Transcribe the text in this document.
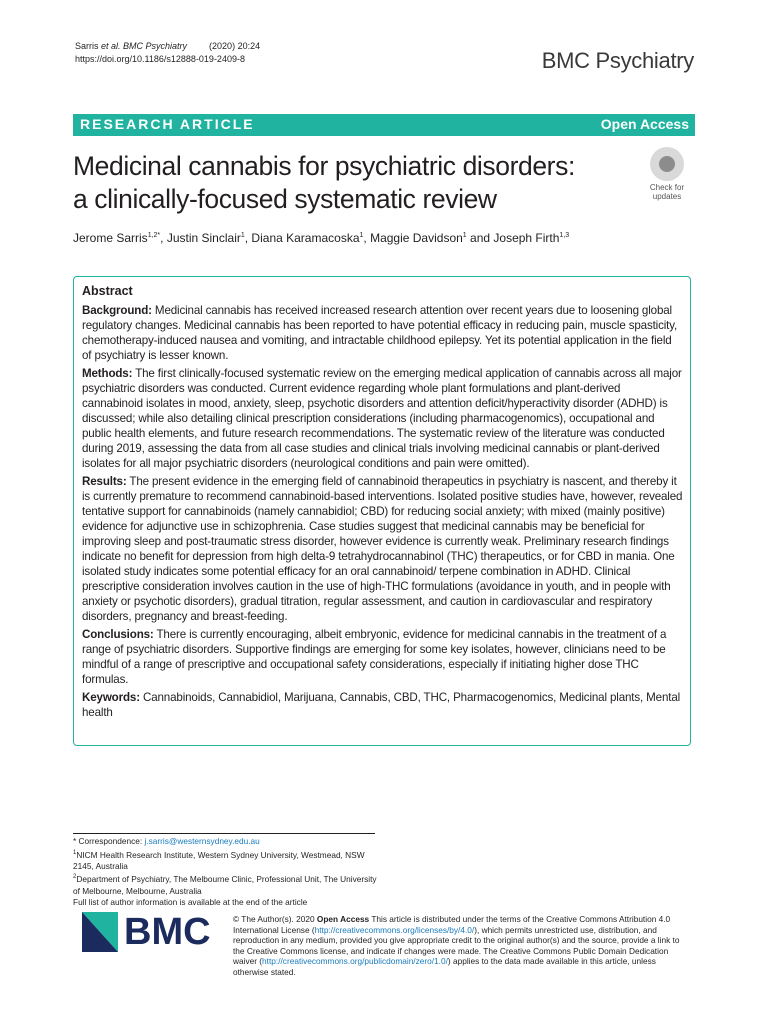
Sarris et al. BMC Psychiatry (2020) 20:24
https://doi.org/10.1186/s12888-019-2409-8	BMC Psychiatry
RESEARCH ARTICLE	Open Access
Medicinal cannabis for psychiatric disorders:
a clinically-focused systematic review	Check for
updates
Jerome Sarris$^{1,2*}$, Justin Sinclair$^1$, Diana Karamacoska$^1$, Maggie Davidson$^1$ and Joseph Firth$^{1,3}$
Abstract

Background: Medicinal cannabis has received increased research attention over recent years due to loosening global regulatory changes. Medicinal cannabis has been reported to have potential efficacy in reducing pain, muscle spasticity, chemotherapy-induced nausea and vomiting, and intractable childhood epilepsy. Yet its potential application in the field of psychiatry is lesser known.

Methods: The first clinically-focused systematic review on the emerging medical application of cannabis across all major psychiatric disorders was conducted. Current evidence regarding whole plant formulations and plant-derived cannabinoid isolates in mood, anxiety, sleep, psychotic disorders and attention deficit/hyperactivity disorder (ADHD) is discussed; while also detailing clinical prescription considerations (including pharmacogenomics), occupational and public health elements, and future research recommendations. The systematic review of the literature was conducted during 2019, assessing the data from all case studies and clinical trials involving medicinal cannabis or plant-derived isolates for all major psychiatric disorders (neurological conditions and pain were omitted).

Results: The present evidence in the emerging field of cannabinoid therapeutics in psychiatry is nascent, and thereby it is currently premature to recommend cannabinoid-based interventions. Isolated positive studies have, however, revealed tentative support for cannabinoids (namely cannabidiol; CBD) for reducing social anxiety; with mixed (mainly positive) evidence for adjunctive use in schizophrenia. Case studies suggest that medicinal cannabis may be beneficial for improving sleep and post-traumatic stress disorder, however evidence is currently weak. Preliminary research findings indicate no benefit for depression from high delta-9 tetrahydrocannabinol (THC) therapeutics, or for CBD in mania. One isolated study indicates some potential efficacy for an oral cannabinoid/ terpene combination in ADHD. Clinical prescriptive consideration involves caution in the use of high-THC formulations (avoidance in youth, and in people with anxiety or psychotic disorders), gradual titration, regular assessment, and caution in cardiovascular and respiratory disorders, pregnancy and breast-feeding.

Conclusions: There is currently encouraging, albeit embryonic, evidence for medicinal cannabis in the treatment of a range of psychiatric disorders. Supportive findings are emerging for some key isolates, however, clinicians need to be mindful of a range of prescriptive and occupational safety considerations, especially if initiating higher dose THC formulas.

Keywords: Cannabinoids, Cannabidiol, Marijuana, Cannabis, CBD, THC, Pharmacogenomics, Medicinal plants, Mental health

* Correspondence: j.sarris@westernsydney.edu.au

$^1$NICM Health Research Institute, Western Sydney University, Westmead, NSW 2145, Australia

$^2$Department of Psychiatry, The Melbourne Clinic, Professional Unit, The University of Melbourne, Melbourne, Australia

Full list of author information is available at the end of the article

BMC	© The Author(s). 2020 Open Access This article is distributed under the terms of the Creative Commons Attribution 4.0 International License (http://creativecommons.org/licenses/by/4.0/), which permits unrestricted use, distribution, and reproduction in any medium, provided you give appropriate credit to the original author(s) and the source, provide a link to the Creative Commons license, and indicate if changes were made. The Creative Commons Public Domain Dedication waiver (http://creativecommons.org/publicdomain/zero/1.0/) applies to the data made available in this article, unless otherwise stated.
